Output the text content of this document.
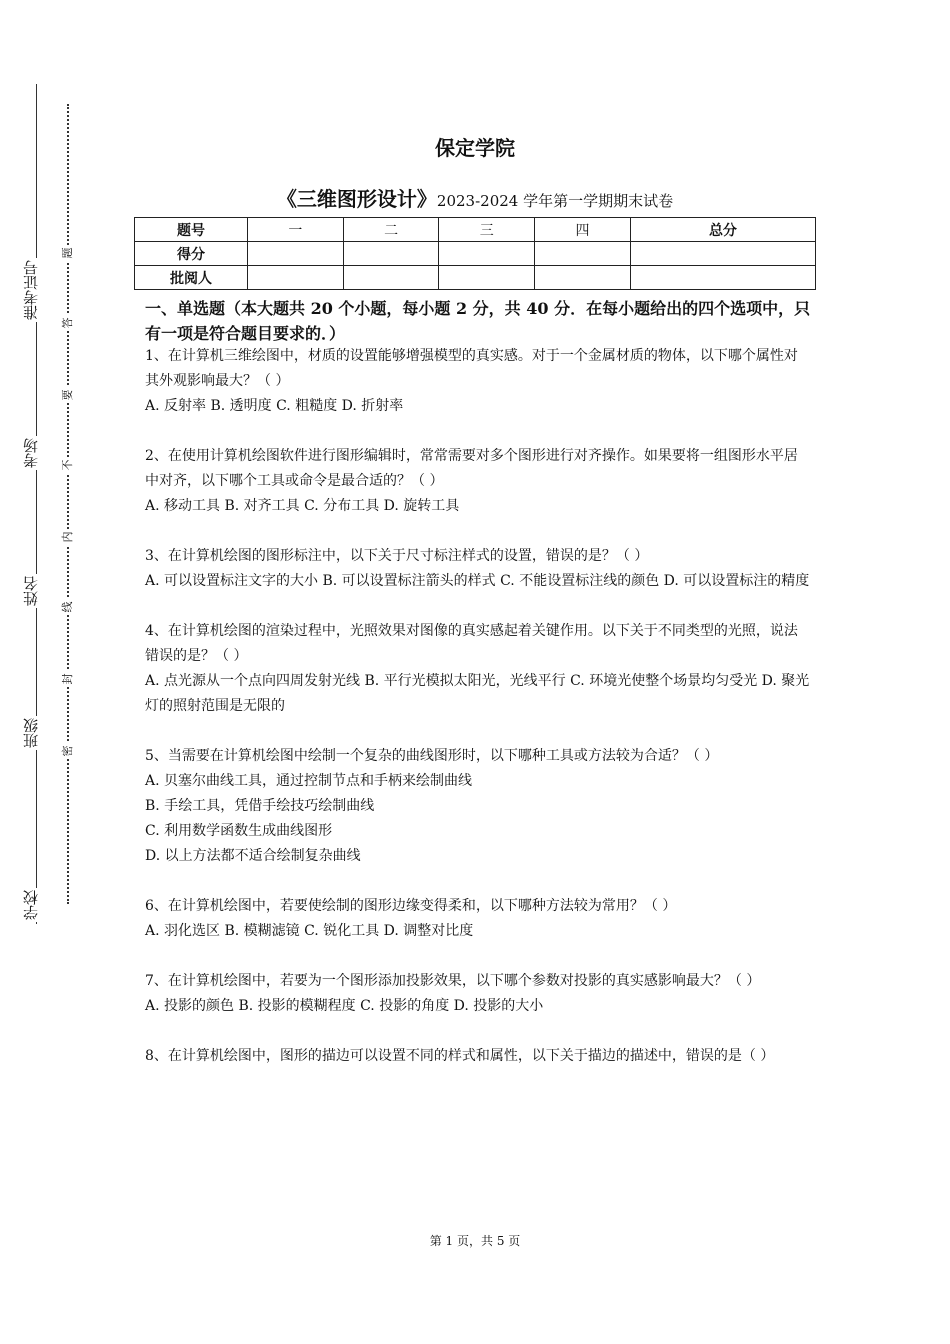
准考证号
考场
姓名
班级
学校
题
答
要
不
内
线
封
密
保定学院
《三维图形设计》2023-2024 学年第一学期期末试卷
题号	一	二	三	四	总分
得分					
批阅人					
一、单选题（本大题共 20 个小题，每小题 2 分，共 40 分．在每小题给出的四个选项中，只有一项是符合题目要求的．）

1、在计算机三维绘图中，材质的设置能够增强模型的真实感。对于一个金属材质的物体，以下哪个属性对其外观影响最大？（ ）

A. 反射率 B. 透明度 C. 粗糙度 D. 折射率

2、在使用计算机绘图软件进行图形编辑时，常常需要对多个图形进行对齐操作。如果要将一组图形水平居中对齐，以下哪个工具或命令是最合适的？（ ）

A. 移动工具 B. 对齐工具 C. 分布工具 D. 旋转工具

3、在计算机绘图的图形标注中，以下关于尺寸标注样式的设置，错误的是？（ ）

A. 可以设置标注文字的大小 B. 可以设置标注箭头的样式 C. 不能设置标注线的颜色 D. 可以设置标注的精度

4、在计算机绘图的渲染过程中，光照效果对图像的真实感起着关键作用。以下关于不同类型的光照，说法错误的是？（ ）

A. 点光源从一个点向四周发射光线 B. 平行光模拟太阳光，光线平行 C. 环境光使整个场景均匀受光 D. 聚光灯的照射范围是无限的

5、当需要在计算机绘图中绘制一个复杂的曲线图形时，以下哪种工具或方法较为合适？（ ）

A. 贝塞尔曲线工具，通过控制节点和手柄来绘制曲线

B. 手绘工具，凭借手绘技巧绘制曲线

C. 利用数学函数生成曲线图形

D. 以上方法都不适合绘制复杂曲线

6、在计算机绘图中，若要使绘制的图形边缘变得柔和，以下哪种方法较为常用？（ ）

A. 羽化选区 B. 模糊滤镜 C. 锐化工具 D. 调整对比度

7、在计算机绘图中，若要为一个图形添加投影效果，以下哪个参数对投影的真实感影响最大？（ ）

A. 投影的颜色 B. 投影的模糊程度 C. 投影的角度 D. 投影的大小

8、在计算机绘图中，图形的描边可以设置不同的样式和属性，以下关于描边的描述中，错误的是（ ）

第 1 页，共 5 页
